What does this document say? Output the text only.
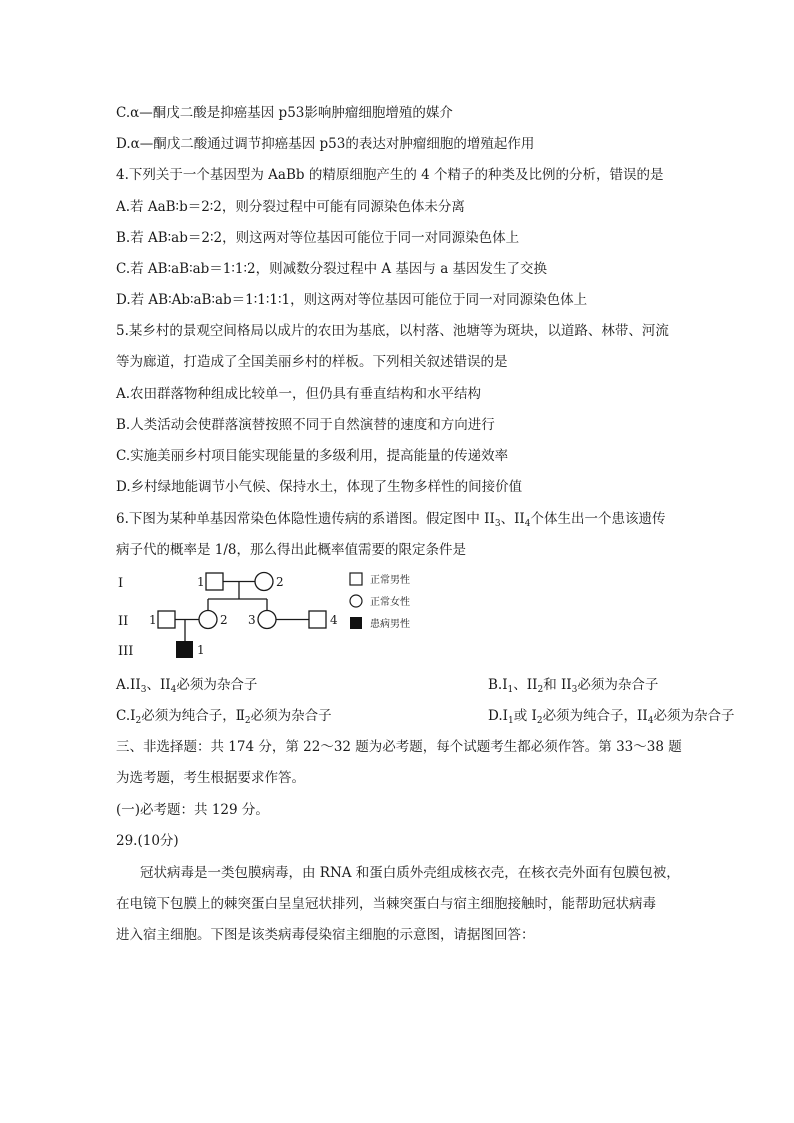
C.α—酮戊二酸是抑癌基因 p53影响肿瘤细胞增殖的媒介
D.α—酮戊二酸通过调节抑癌基因 p53的表达对肿瘤细胞的增殖起作用
4.下列关于一个基因型为 AaBb 的精原细胞产生的 4 个精子的种类及比例的分析，错误的是
A.若 AaB∶b＝2∶2，则分裂过程中可能有同源染色体未分离
B.若 AB∶ab＝2∶2，则这两对等位基因可能位于同一对同源染色体上
C.若 AB∶aB∶ab＝1∶1∶2，则减数分裂过程中 A 基因与 a 基因发生了交换
D.若 AB∶Ab∶aB∶ab＝1∶1∶1∶1，则这两对等位基因可能位于同一对同源染色体上
5.某乡村的景观空间格局以成片的农田为基底，以村落、池塘等为斑块，以道路、林带、河流
等为廊道，打造成了全国美丽乡村的样板。下列相关叙述错误的是
A.农田群落物种组成比较单一，但仍具有垂直结构和水平结构
B.人类活动会使群落演替按照不同于自然演替的速度和方向进行
C.实施美丽乡村项目能实现能量的多级利用，提高能量的传递效率
D.乡村绿地能调节小气候、保持水土，体现了生物多样性的间接价值
6.下图为某种单基因常染色体隐性遗传病的系谱图。假定图中 $II_3$、$II_4$个体生出一个患该遗传
病子代的概率是 1/8，那么得出此概率值需要的限定条件是
I
II
III
1	2
1	2 3	4
1
正常男性
正常女性
患病男性
$A.II_3$、$II_4$必须为杂合子	$B.I_1$、$II_2$和 $II_3$必须为杂合子
$C.I_2$必须为纯合子，$Ⅱ_2$必须为杂合子	$D.I_1$或 $I_2$必须为纯合子，$II_4$必须为杂合子
三、非选择题：共 174 分，第 22～32 题为必考题，每个试题考生都必须作答。第 33～38 题
为选考题，考生根据要求作答。
(一)必考题：共 129 分。
29.(10分)
冠状病毒是一类包膜病毒，由 RNA 和蛋白质外壳组成核衣壳，在核衣壳外面有包膜包被，
在电镜下包膜上的棘突蛋白呈皇冠状排列，当棘突蛋白与宿主细胞接触时，能帮助冠状病毒
进入宿主细胞。下图是该类病毒侵染宿主细胞的示意图，请据图回答：
